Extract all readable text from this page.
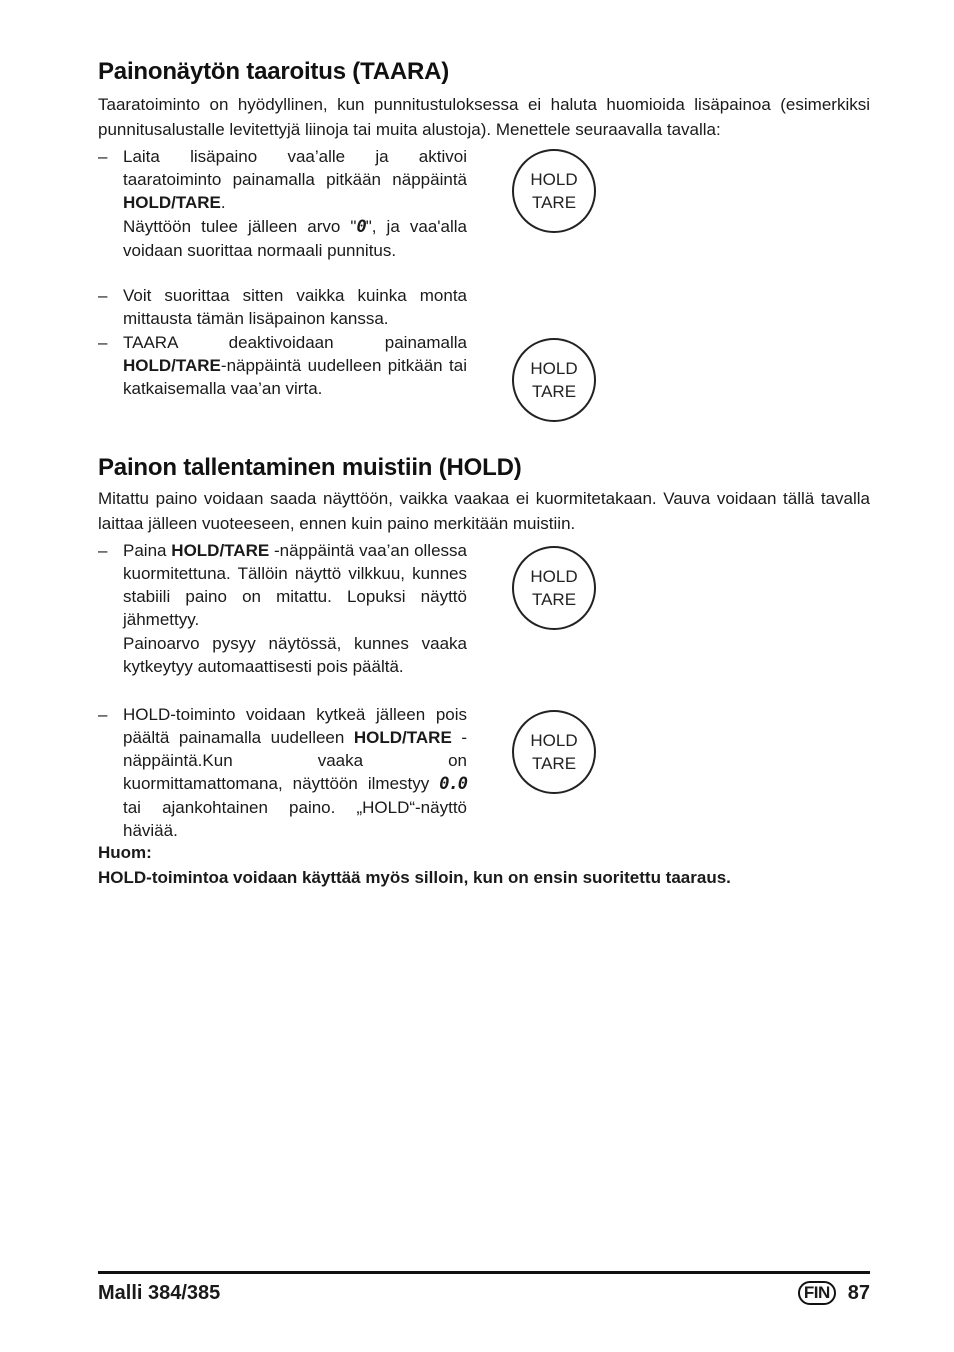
Painonäytön taaroitus (TAARA)

Taaratoiminto on hyödyllinen, kun punnitustuloksessa ei haluta huomioida lisäpainoa (esimerkiksi punnitusalustalle levitettyjä liinoja tai muita alustoja). Menettele seuraavalla tavalla:

– Laita lisäpaino vaa’alle ja aktivoi taaratoiminto painamalla pitkään näppäintä HOLD/TARE.

Näyttöön tulee jälleen arvo "0", ja vaa'alla voidaan suorittaa normaali punnitus.

– Voit suorittaa sitten vaikka kuinka monta mittausta tämän lisäpainon kanssa.

– TAARA deaktivoidaan painamalla HOLD/TARE-näppäintä uudelleen pitkään tai katkaisemalla vaa’an virta.

HOLD
TARE
HOLD
TARE
Painon tallentaminen muistiin (HOLD)

Mitattu paino voidaan saada näyttöön, vaikka vaakaa ei kuormitetakaan. Vauva voidaan tällä tavalla laittaa jälleen vuoteeseen, ennen kuin paino merkitään muistiin.

– Paina HOLD/TARE -näppäintä vaa’an ollessa kuormitettuna. Tällöin näyttö vilkkuu, kunnes stabiili paino on mitattu. Lopuksi näyttö jähmettyy.

Painoarvo pysyy näytössä, kunnes vaaka kytkeytyy automaattisesti pois päältä.

– HOLD-toiminto voidaan kytkeä jälleen pois päältä painamalla uudelleen HOLD/TARE -näppäintä.Kun vaaka on kuormittamattomana, näyttöön ilmestyy 0.0 tai ajankohtainen paino. „HOLD“-näyttö häviää.

HOLD
TARE
HOLD
TARE

Huom:

HOLD-toimintoa voidaan käyttää myös silloin, kun on ensin suoritettu taaraus.

Malli 384/385	FIN 87
